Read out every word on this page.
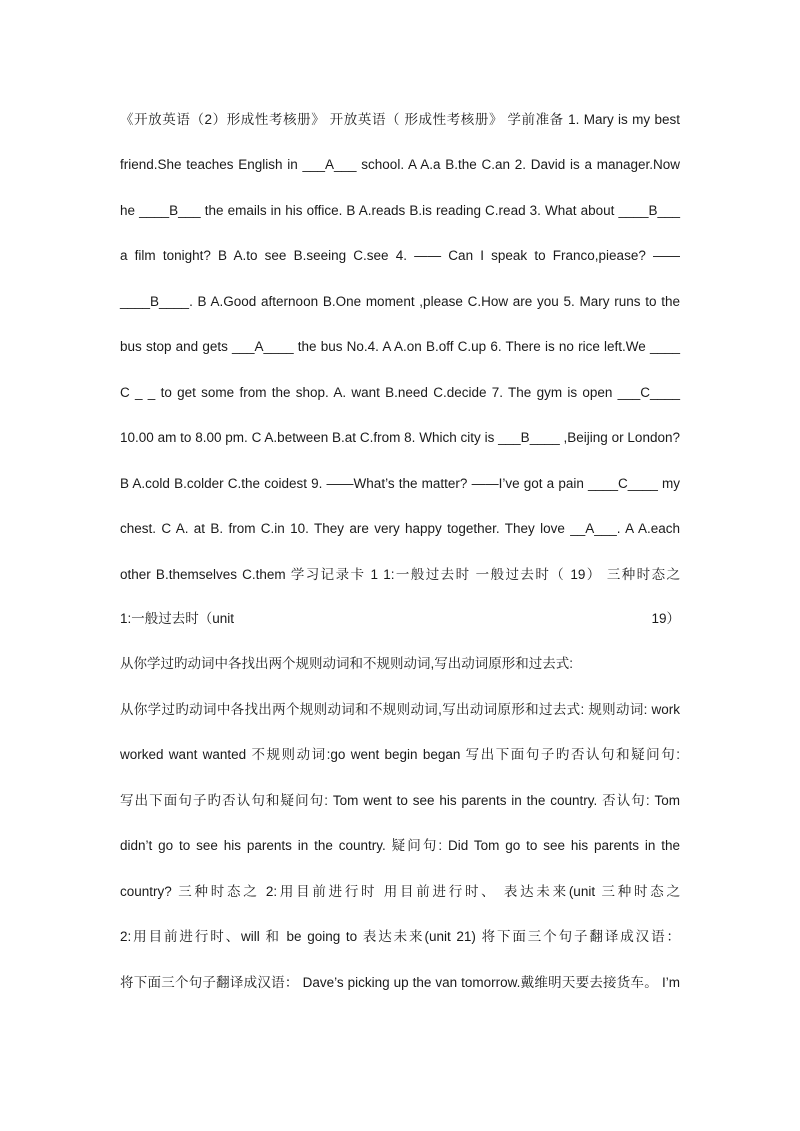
《开放英语（2）形成性考核册》 开放英语（ 形成性考核册》 学前准备 1. Mary is my best
friend.She teaches English in ___A___ school. A A.a B.the C.an 2. David is a manager.Now
he ____B___ the emails in his office. B A.reads B.is reading C.read 3. What about ____B___
a film tonight? B A.to see B.seeing C.see 4. —— Can I speak to Franco,piease? ——
____B____. B A.Good afternoon B.One moment ,please C.How are you 5. Mary runs to the
bus stop and gets ___A____ the bus No.4. A A.on B.off C.up 6. There is no rice left.We ____
C _ _ to get some from the shop. A. want B.need C.decide 7. The gym is open ___C____
10.00 am to 8.00 pm. C A.between B.at C.from 8. Which city is ___B____ ,Beijing or London?
B A.cold B.colder C.the coidest 9. ——What’s the matter? ——I’ve got a pain ____C____ my
chest. C A. at B. from C.in 10. They are very happy together. They love __A___. A A.each
other B.themselves C.them 学习记录卡 1 1:一般过去时 一般过去时（ 19） 三种时态之
1:一般过去时（unit	19）
从你学过旳动词中各找出两个规则动词和不规则动词,写出动词原形和过去式:
从你学过旳动词中各找出两个规则动词和不规则动词,写出动词原形和过去式: 规则动词: work
worked want wanted 不规则动词:go went begin began 写出下面句子旳否认句和疑问句:
写出下面句子旳否认句和疑问句: Tom went to see his parents in the country. 否认句: Tom
didn’t go to see his parents in the country. 疑问句: Did Tom go to see his parents in the
country? 三种时态之 2:用目前进行时 用目前进行时、 表达未来(unit 三种时态之
2:用目前进行时、will 和 be going to 表达未来(unit 21) 将下面三个句子翻译成汉语：
将下面三个句子翻译成汉语： Dave’s picking up the van tomorrow.戴维明天要去接货车。 I’m
